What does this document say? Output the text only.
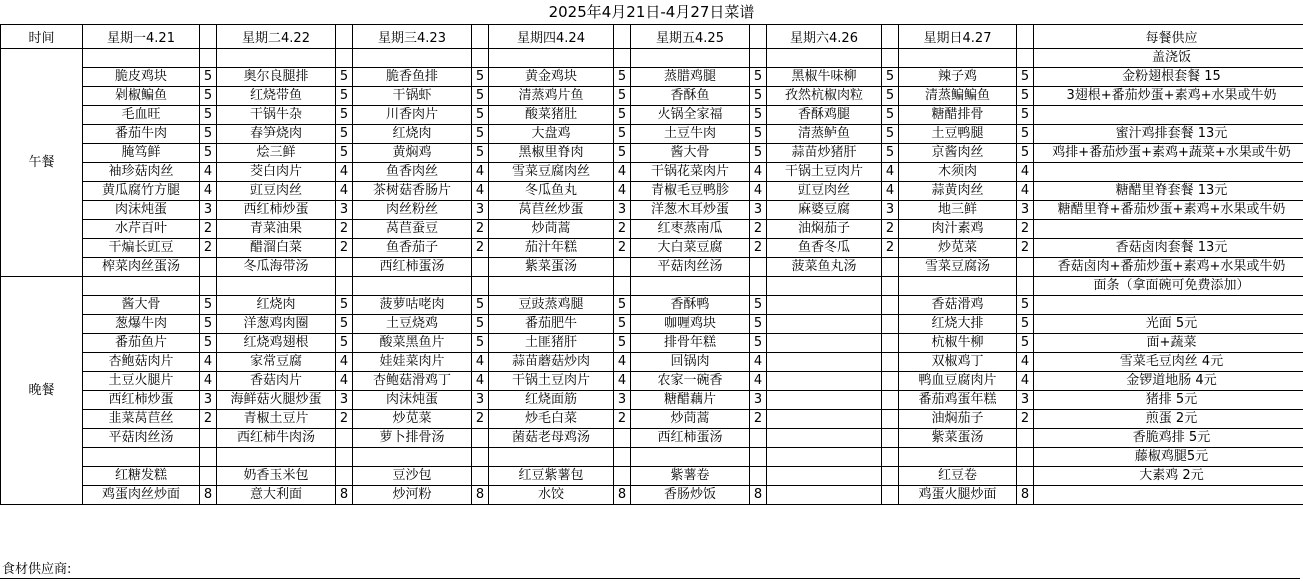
2025年4月21日-4月27日菜谱
时间	星期一4.21		星期二4.22		星期三4.23		星期四4.24		星期五4.25		星期六4.26		星期日4.27		每餐供应
午餐															盖浇饭
	脆皮鸡块	5	奥尔良腿排	5	脆香鱼排	5	黄金鸡块	5	蒸腊鸡腿	5	黑椒牛味柳	5	辣子鸡	5	金粉翅根套餐 15
	剁椒鳊鱼	5	红烧带鱼	5	干锅虾	5	清蒸鸡片鱼	5	香酥鱼	5	孜然杭椒肉粒	5	清蒸鳊鳊鱼	5	3翅根+番茄炒蛋+素鸡+水果或牛奶
	毛血旺	5	干锅牛杂	5	川香肉片	5	酸菜猪肚	5	火锅全家福	5	香酥鸡腿	5	糖醋排骨	5	
	番茄牛肉	5	春笋烧肉	5	红烧肉	5	大盘鸡	5	土豆牛肉	5	清蒸鲈鱼	5	土豆鸭腿	5	蜜汁鸡排套餐 13元
	腌笃鲜	5	烩三鲜	5	黄焖鸡	5	黑椒里脊肉	5	酱大骨	5	蒜苗炒猪肝	5	京酱肉丝	5	鸡排+番茄炒蛋+素鸡+蔬菜+水果或牛奶
	袖珍菇肉丝	4	茭白肉片	4	鱼香肉丝	4	雪菜豆腐肉丝	4	干锅花菜肉片	4	干锅土豆肉片	4	木须肉	4	
	黄瓜腐竹方腿	4	豇豆肉丝	4	茶树菇香肠片	4	冬瓜鱼丸	4	青椒毛豆鸭胗	4	豇豆肉丝	4	蒜黄肉丝	4	糖醋里脊套餐 13元
	肉沫炖蛋	3	西红柿炒蛋	3	肉丝粉丝	3	莴苣丝炒蛋	3	洋葱木耳炒蛋	3	麻婆豆腐	3	地三鲜	3	糖醋里脊+番茄炒蛋+素鸡+水果或牛奶
	水芹百叶	2	青菜油果	2	莴苣蚕豆	2	炒茼蒿	2	红枣蒸南瓜	2	油焖茄子	2	肉汁素鸡	2	
	干煸长豇豆	2	醋溜白菜	2	鱼香茄子	2	茄汁年糕	2	大白菜豆腐	2	鱼香冬瓜	2	炒苋菜	2	香菇卤肉套餐 13元
	榨菜肉丝蛋汤		冬瓜海带汤		西红柿蛋汤		紫菜蛋汤		平菇肉丝汤		菠菜鱼丸汤		雪菜豆腐汤		香菇卤肉+番茄炒蛋+素鸡+水果或牛奶
晚餐															面条（拿面碗可免费添加）
	酱大骨	5	红烧肉	5	菠萝咕咾肉	5	豆豉蒸鸡腿	5	香酥鸭	5			香菇滑鸡	5	
	葱爆牛肉	5	洋葱鸡肉圈	5	土豆烧鸡	5	番茄肥牛	5	咖喱鸡块	5			红烧大排	5	光面 5元
	番茄鱼片	5	红烧鸡翅根	5	酸菜黑鱼片	5	土匪猪肝	5	排骨年糕	5			杭椒牛柳	5	面+蔬菜
	杏鲍菇肉片	4	家常豆腐	4	娃娃菜肉片	4	蒜苗蘑菇炒肉	4	回锅肉	4			双椒鸡丁	4	雪菜毛豆肉丝 4元
	土豆火腿片	4	香菇肉片	4	杏鲍菇滑鸡丁	4	干锅土豆肉片	4	农家一碗香	4			鸭血豆腐肉片	4	金锣道地肠 4元
	西红柿炒蛋	3	海鲜菇火腿炒蛋	3	肉沫炖蛋	3	红烧面筋	3	糖醋藕片	3			番茄鸡蛋年糕	3	猪排 5元
	韭菜莴苣丝	2	青椒土豆片	2	炒苋菜	2	炒毛白菜	2	炒茼蒿	2			油焖茄子	2	煎蛋 2元
	平菇肉丝汤		西红柿牛肉汤		萝卜排骨汤		菌菇老母鸡汤		西红柿蛋汤				紫菜蛋汤		香脆鸡排 5元
															藤椒鸡腿5元
	红糖发糕		奶香玉米包		豆沙包		红豆紫薯包		紫薯卷				红豆卷		大素鸡 2元
	鸡蛋肉丝炒面	8	意大利面	8	炒河粉	8	水饺	8	香肠炒饭	8			鸡蛋火腿炒面	8	
食材供应商:
